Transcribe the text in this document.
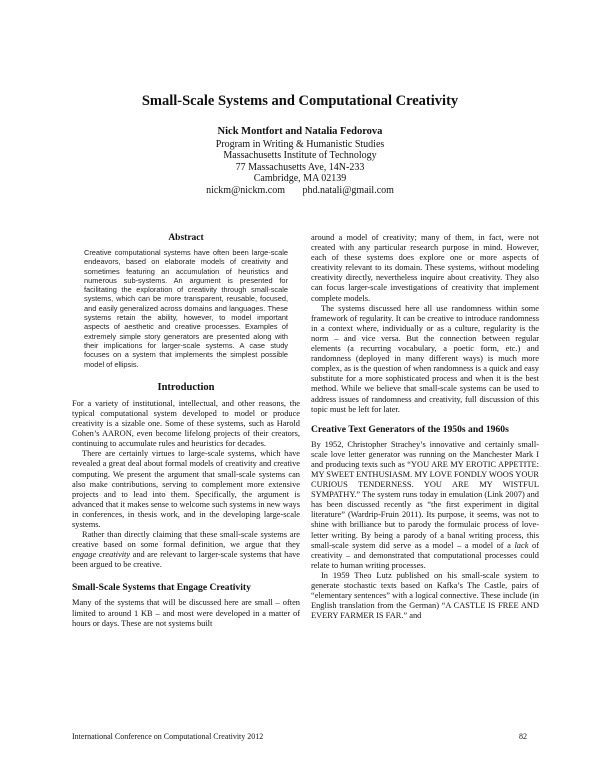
Small-Scale Systems and Computational Creativity
Nick Montfort and Natalia Fedorova
Program in Writing & Humanistic Studies
Massachusetts Institute of Technology
77 Massachusetts Ave, 14N-233
Cambridge, MA 02139
nickm@nickm.com       phd.natali@gmail.com
Abstract

Creative computational systems have often been large-scale endeavors, based on elaborate models of creativity and sometimes featuring an accumulation of heuristics and numerous sub-systems. An argument is presented for facilitating the exploration of creativity through small-scale systems, which can be more transparent, reusable, focused, and easily generalized across domains and languages. These systems retain the ability, however, to model important aspects of aesthetic and creative processes. Examples of extremely simple story generators are presented along with their implications for larger-scale systems. A case study focuses on a system that implements the simplest possible model of ellipsis.

Introduction

For a variety of institutional, intellectual, and other reasons, the typical computational system developed to model or produce creativity is a sizable one. Some of these systems, such as Harold Cohen’s AARON, even become lifelong projects of their creators, continuing to accumulate rules and heuristics for decades.

There are certainly virtues to large-scale systems, which have revealed a great deal about formal models of creativity and creative computing. We present the argument that small-scale systems can also make contributions, serving to complement more extensive projects and to lead into them. Specifically, the argument is advanced that it makes sense to welcome such systems in new ways in conferences, in thesis work, and in the developing large-scale systems.

Rather than directly claiming that these small-scale systems are creative based on some formal definition, we argue that they engage creativity and are relevant to larger-scale systems that have been argued to be creative.

Small-Scale Systems that Engage Creativity

Many of the systems that will be discussed here are small – often limited to around 1 KB – and most were developed in a matter of hours or days. These are not systems built

around a model of creativity; many of them, in fact, were not created with any particular research purpose in mind. However, each of these systems does explore one or more aspects of creativity relevant to its domain. These systems, without modeling creativity directly, nevertheless inquire about creativity. They also can focus larger-scale investigations of creativity that implement complete models.

The systems discussed here all use randomness within some framework of regularity. It can be creative to introduce randomness in a context where, individually or as a culture, regularity is the norm – and vice versa. But the connection between regular elements (a recurring vocabulary, a poetic form, etc.) and randomness (deployed in many different ways) is much more complex, as is the question of when randomness is a quick and easy substitute for a more sophisticated process and when it is the best method. While we believe that small-scale systems can be used to address issues of randomness and creativity, full discussion of this topic must be left for later.

Creative Text Generators of the 1950s and 1960s

By 1952, Christopher Strachey’s innovative and certainly small-scale love letter generator was running on the Manchester Mark I and producing texts such as “YOU ARE MY EROTIC APPETITE: MY SWEET ENTHUSIASM. MY LOVE FONDLY WOOS YOUR CURIOUS TENDERNESS. YOU ARE MY WISTFUL SYMPATHY.” The system runs today in emulation (Link 2007) and has been discussed recently as “the first experiment in digital literature” (Wardrip-Fruin 2011). Its purpose, it seems, was not to shine with brilliance but to parody the formulaic process of love-letter writing. By being a parody of a banal writing process, this small-scale system did serve as a model – a model of a lack of creativity – and demonstrated that computational processes could relate to human writing processes.

In 1959 Theo Lutz published on his small-scale system to generate stochastic texts based on Kafka’s The Castle, pairs of “elementary sentences” with a logical connective. These include (in English translation from the German) “A CASTLE IS FREE AND EVERY FARMER IS FAR.” and

International Conference on Computational Creativity 2012	82
